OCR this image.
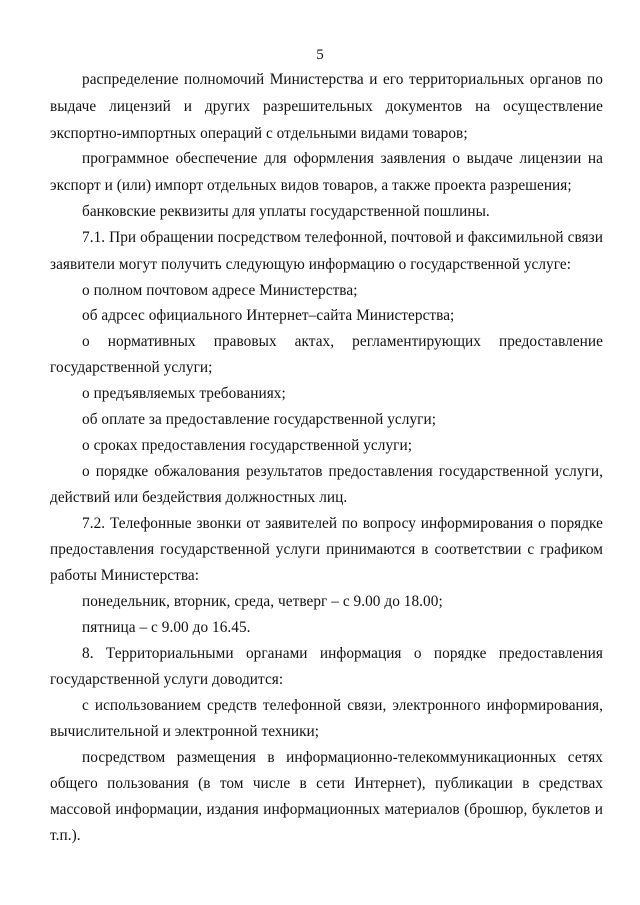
5
распределение полномочий Министерства и его территориальных органов по
выдаче лицензий и других разрешительных документов на осуществление
экспортно-импортных операций с отдельными видами товаров;
программное обеспечение для оформления заявления о выдаче лицензии на
экспорт и (или) импорт отдельных видов товаров, а также проекта разрешения;
банковские реквизиты для уплаты государственной пошлины.
7.1. При обращении посредством телефонной, почтовой и факсимильной связи
заявители могут получить следующую информацию о государственной услуге:
о полном почтовом адресе Министерства;
об адрсес официального Интернет–сайта Министерства;
о нормативных правовых актах, регламентирующих предоставление
государственной услуги;
о предъявляемых требованиях;
об оплате за предоставление государственной услуги;
о сроках предоставления государственной услуги;
о порядке обжалования результатов предоставления государственной услуги,
действий или бездействия должностных лиц.
7.2. Телефонные звонки от заявителей по вопросу информирования о порядке
предоставления государственной услуги принимаются в соответствии с графиком
работы Министерства:
понедельник, вторник, среда, четверг – с 9.00 до 18.00;
пятница – с 9.00 до 16.45.
8. Территориальными органами информация о порядке предоставления
государственной услуги доводится:
с использованием средств телефонной связи, электронного информирования,
вычислительной и электронной техники;
посредством размещения в информационно-телекоммуникационных сетях
общего пользования (в том числе в сети Интернет), публикации в средствах
массовой информации, издания информационных материалов (брошюр, буклетов и
т.п.).
